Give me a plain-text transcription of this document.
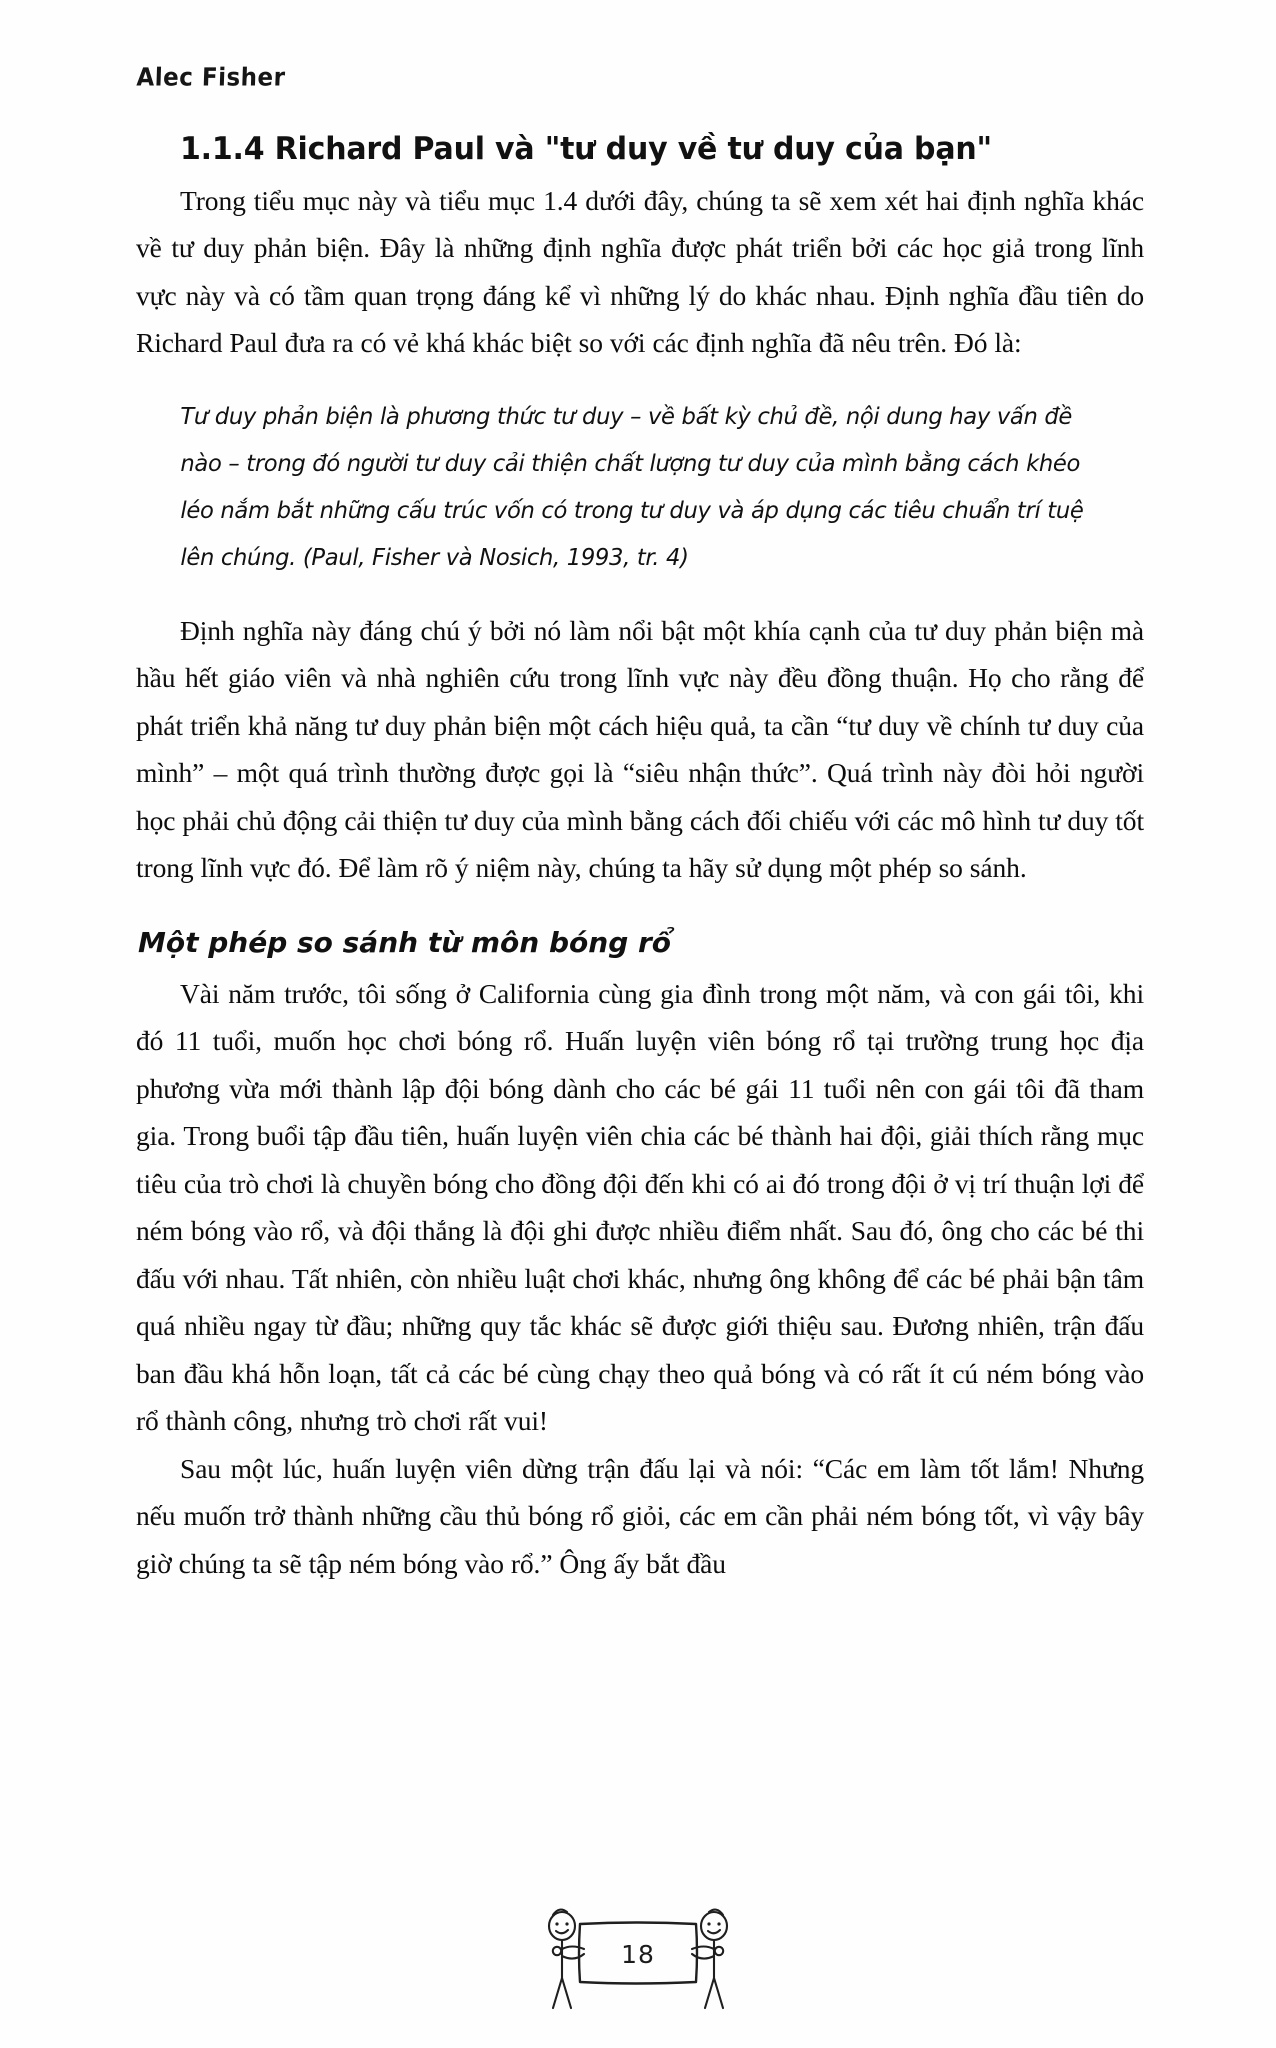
Alec Fisher
1.1.4 Richard Paul và "tư duy về tư duy của bạn"

Trong tiểu mục này và tiểu mục 1.4 dưới đây, chúng ta sẽ xem xét hai định nghĩa khác về tư duy phản biện. Đây là những định nghĩa được phát triển bởi các học giả trong lĩnh vực này và có tầm quan trọng đáng kể vì những lý do khác nhau. Định nghĩa đầu tiên do Richard Paul đưa ra có vẻ khá khác biệt so với các định nghĩa đã nêu trên. Đó là:

Tư duy phản biện là phương thức tư duy – về bất kỳ chủ đề, nội dung hay vấn đề nào – trong đó người tư duy cải thiện chất lượng tư duy của mình bằng cách khéo léo nắm bắt những cấu trúc vốn có trong tư duy và áp dụng các tiêu chuẩn trí tuệ lên chúng. (Paul, Fisher và Nosich, 1993, tr. 4)

Định nghĩa này đáng chú ý bởi nó làm nổi bật một khía cạnh của tư duy phản biện mà hầu hết giáo viên và nhà nghiên cứu trong lĩnh vực này đều đồng thuận. Họ cho rằng để phát triển khả năng tư duy phản biện một cách hiệu quả, ta cần “tư duy về chính tư duy của mình” – một quá trình thường được gọi là “siêu nhận thức”. Quá trình này đòi hỏi người học phải chủ động cải thiện tư duy của mình bằng cách đối chiếu với các mô hình tư duy tốt trong lĩnh vực đó. Để làm rõ ý niệm này, chúng ta hãy sử dụng một phép so sánh.

Một phép so sánh từ môn bóng rổ

Vài năm trước, tôi sống ở California cùng gia đình trong một năm, và con gái tôi, khi đó 11 tuổi, muốn học chơi bóng rổ. Huấn luyện viên bóng rổ tại trường trung học địa phương vừa mới thành lập đội bóng dành cho các bé gái 11 tuổi nên con gái tôi đã tham gia. Trong buổi tập đầu tiên, huấn luyện viên chia các bé thành hai đội, giải thích rằng mục tiêu của trò chơi là chuyền bóng cho đồng đội đến khi có ai đó trong đội ở vị trí thuận lợi để ném bóng vào rổ, và đội thắng là đội ghi được nhiều điểm nhất. Sau đó, ông cho các bé thi đấu với nhau. Tất nhiên, còn nhiều luật chơi khác, nhưng ông không để các bé phải bận tâm quá nhiều ngay từ đầu; những quy tắc khác sẽ được giới thiệu sau. Đương nhiên, trận đấu ban đầu khá hỗn loạn, tất cả các bé cùng chạy theo quả bóng và có rất ít cú ném bóng vào rổ thành công, nhưng trò chơi rất vui!

Sau một lúc, huấn luyện viên dừng trận đấu lại và nói: “Các em làm tốt lắm! Nhưng nếu muốn trở thành những cầu thủ bóng rổ giỏi, các em cần phải ném bóng tốt, vì vậy bây giờ chúng ta sẽ tập ném bóng vào rổ.” Ông ấy bắt đầu

18
